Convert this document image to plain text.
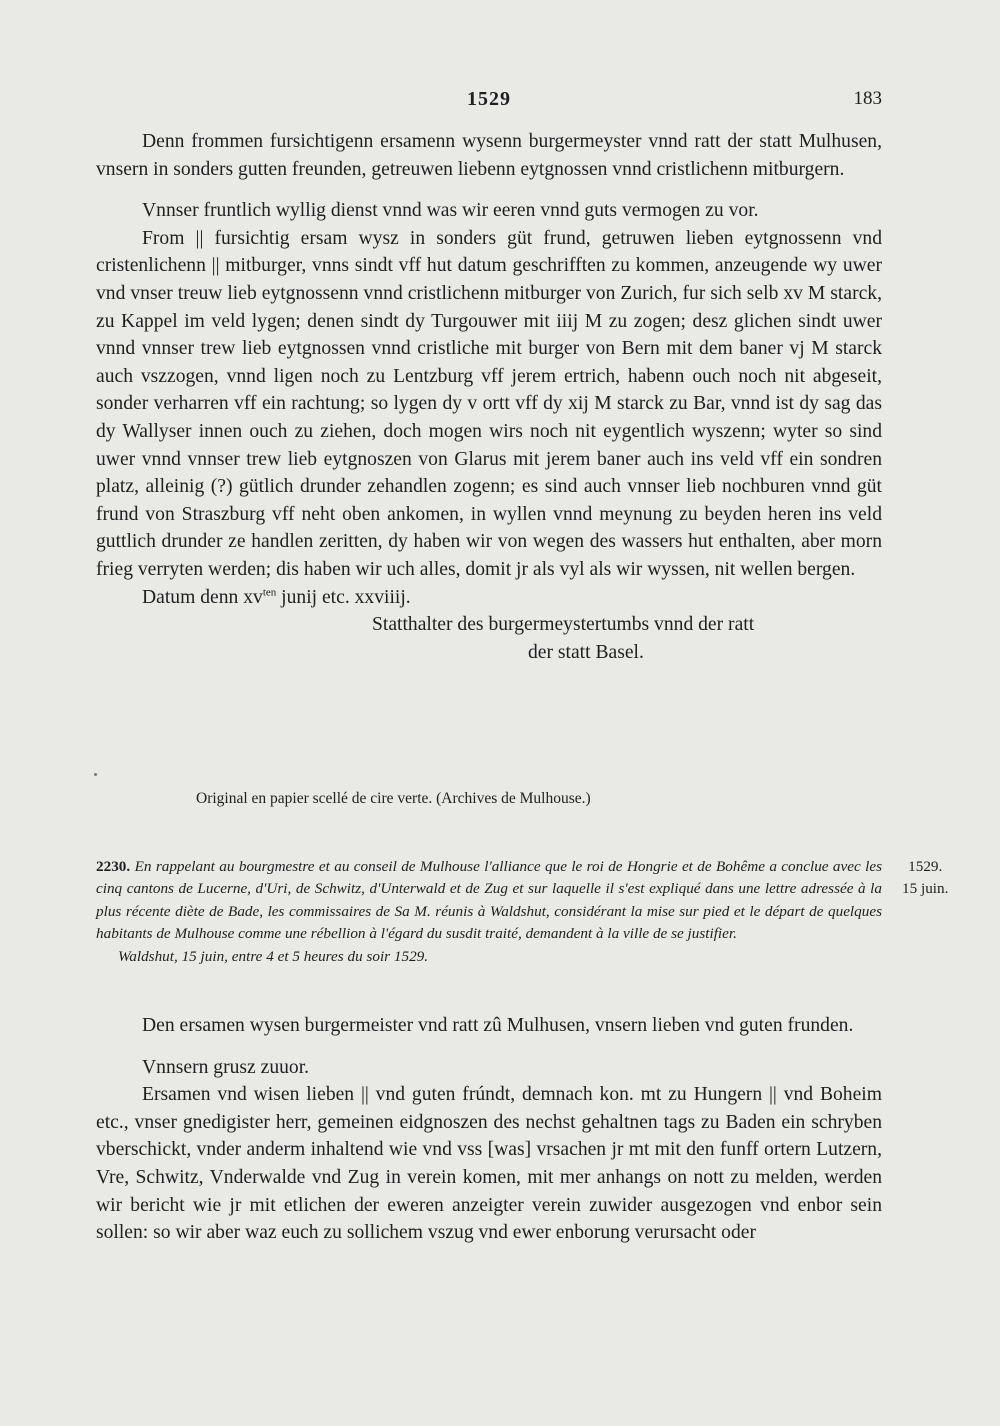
1529	183

Denn frommen fursichtigenn ersamenn wysenn burgermeyster vnnd ratt der statt Mulhusen, vnsern in sonders gutten freunden, getreuwen liebenn eytgnossen vnnd cristlichenn mitburgern.

Vnnser fruntlich wyllig dienst vnnd was wir eeren vnnd guts vermogen zu vor.

From || fursichtig ersam wysz in sonders güt frund, getruwen lieben eytgnossenn vnd cristenlichenn || mitburger, vnns sindt vff hut datum geschrifften zu kommen, anzeugende wy uwer vnd vnser treuw lieb eytgnossenn vnnd cristlichenn mitburger von Zurich, fur sich selb xv M starck, zu Kappel im veld lygen; denen sindt dy Turgouwer mit iiij M zu zogen; desz glichen sindt uwer vnnd vnnser trew lieb eytgnossen vnnd cristliche mit burger von Bern mit dem baner vj M starck auch vszzogen, vnnd ligen noch zu Lentzburg vff jerem ertrich, habenn ouch noch nit abgeseit, sonder verharren vff ein rachtung; so lygen dy v ortt vff dy xij M starck zu Bar, vnnd ist dy sag das dy Wallyser innen ouch zu ziehen, doch mogen wirs noch nit eygentlich wyszenn; wyter so sind uwer vnnd vnnser trew lieb eytgnoszen von Glarus mit jerem baner auch ins veld vff ein sondren platz, alleinig (?) gütlich drunder zehandlen zogenn; es sind auch vnnser lieb nochburen vnnd güt frund von Straszburg vff neht oben ankomen, in wyllen vnnd meynung zu beyden heren ins veld guttlich drunder ze handlen zeritten, dy haben wir von wegen des wassers hut enthalten, aber morn frieg verryten werden; dis haben wir uch alles, domit jr als vyl als wir wyssen, nit wellen bergen.

Datum denn $xv^{ten}$ junij etc. xxviiij.

Statthalter des burgermeystertumbs vnnd der ratt

der statt Basel.

Original en papier scellé de cire verte. (Archives de Mulhouse.)

2230. En rappelant au bourgmestre et au conseil de Mulhouse l'alliance que le roi de Hongrie et de Bohême a conclue avec les cinq cantons de Lucerne, d'Uri, de Schwitz, d'Unterwald et de Zug et sur laquelle il s'est expliqué dans une lettre adressée à la plus récente diète de Bade, les commissaires de Sa M. réunis à Waldshut, considérant la mise sur pied et le départ de quelques habitants de Mulhouse comme une rébellion à l'égard du susdit traité, demandent à la ville de se justifier.

Waldshut, 15 juin, entre 4 et 5 heures du soir 1529.

1529.
15 juin.

Den ersamen wysen burgermeister vnd ratt zû Mulhusen, vnsern lieben vnd guten frunden.

Vnnsern grusz zuuor.

Ersamen vnd wisen lieben || vnd guten frúndt, demnach kon. mt zu Hungern || vnd Boheim etc., vnser gnedigister herr, gemeinen eidgnoszen des nechst gehaltnen tags zu Baden ein schryben vberschickt, vnder anderm inhaltend wie vnd vss [was] vrsachen jr mt mit den funff ortern Lutzern, Vre, Schwitz, Vnderwalde vnd Zug in verein komen, mit mer anhangs on nott zu melden, werden wir bericht wie jr mit etlichen der eweren anzeigter verein zuwider ausgezogen vnd enbor sein sollen: so wir aber waz euch zu sollichem vszug vnd ewer enborung verursacht oder
